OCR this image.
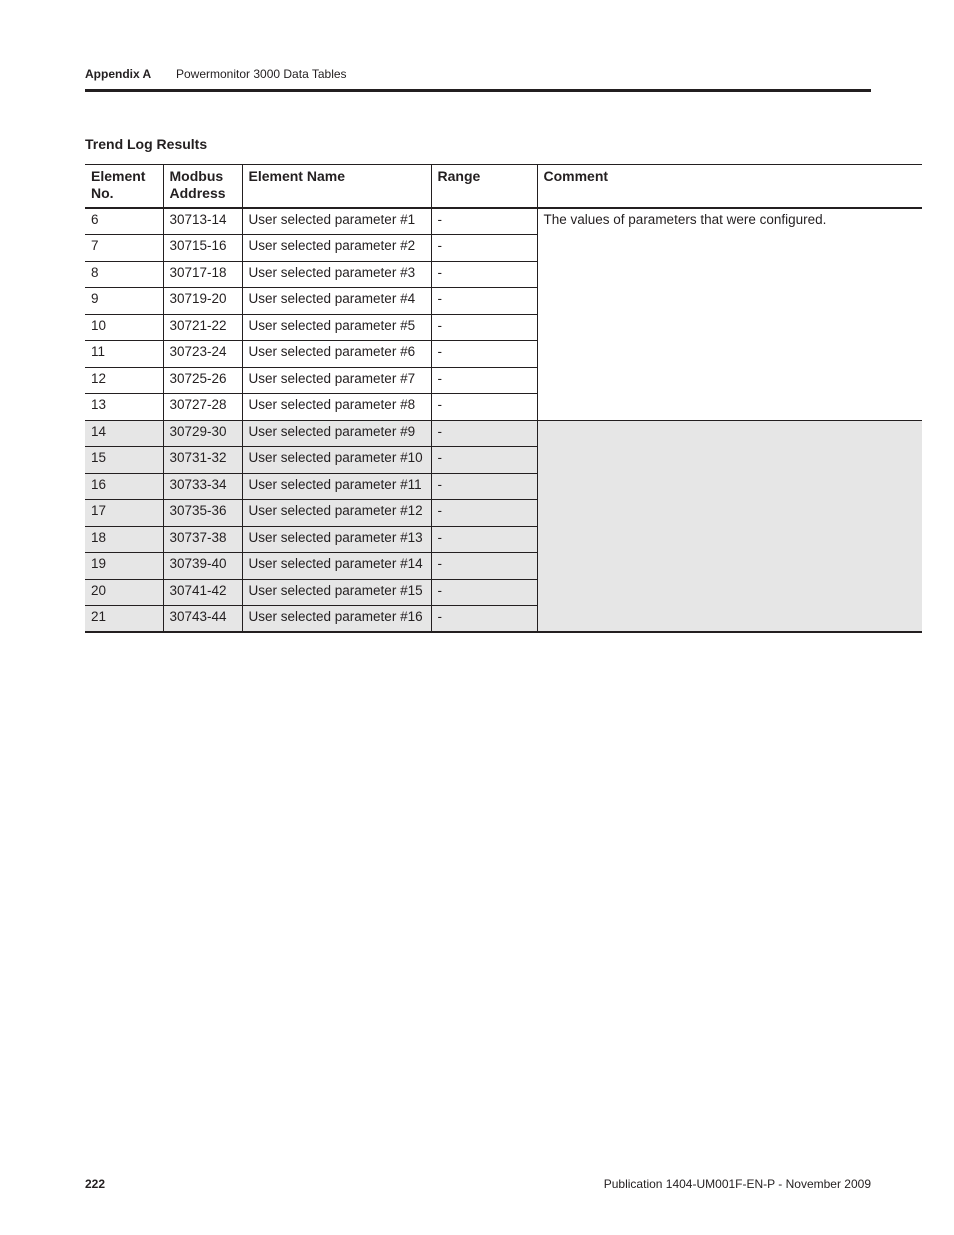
Appendix A Powermonitor 3000 Data Tables
Trend Log Results
Element No.	Modbus Address	Element Name	Range	Comment
6	30713-14	User selected parameter #1	-	The values of parameters that were configured.
7	30715-16	User selected parameter #2	-	
8	30717-18	User selected parameter #3	-	
9	30719-20	User selected parameter #4	-	
10	30721-22	User selected parameter #5	-	
11	30723-24	User selected parameter #6	-	
12	30725-26	User selected parameter #7	-	
13	30727-28	User selected parameter #8	-	
14	30729-30	User selected parameter #9	-	
15	30731-32	User selected parameter #10	-	
16	30733-34	User selected parameter #11	-	
17	30735-36	User selected parameter #12	-	
18	30737-38	User selected parameter #13	-	
19	30739-40	User selected parameter #14	-	
20	30741-42	User selected parameter #15	-	
21	30743-44	User selected parameter #16	-	
222	Publication 1404-UM001F-EN-P - November 2009
